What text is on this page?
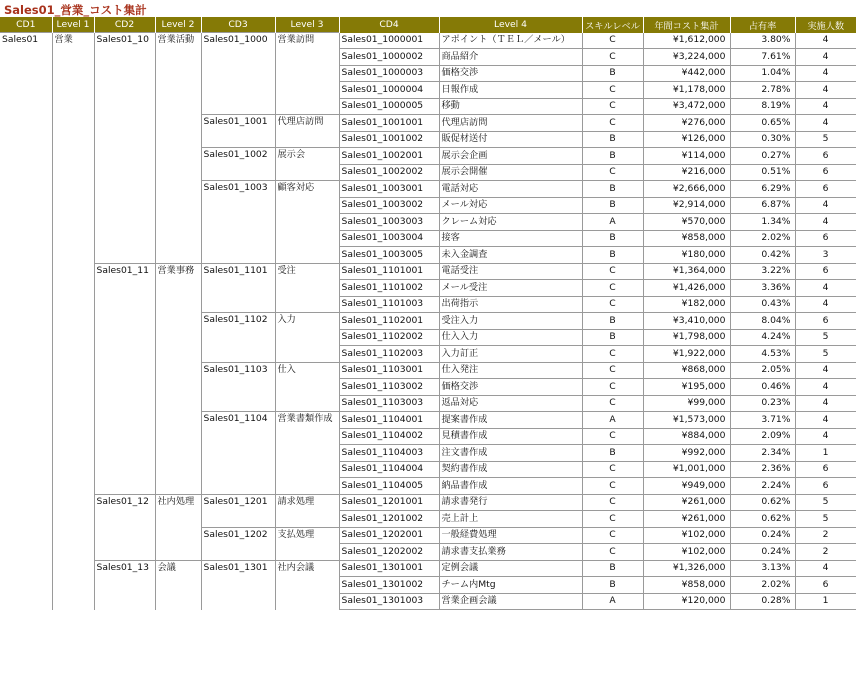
Sales01_営業_コスト集計
CD1	Level 1	CD2	Level 2	CD3	Level 3	CD4	Level 4	スキルレベル	年間コスト集計	占有率	実施人数
Sales01	営業	Sales01_10	営業活動	Sales01_1000	営業訪問	Sales01_1000001	アポイント（ＴＥＬ／メール）	C	¥1,612,000	3.80%	4
						Sales01_1000002	商品紹介	C	¥3,224,000	7.61%	4
						Sales01_1000003	価格交渉	B	¥442,000	1.04%	4
						Sales01_1000004	日報作成	C	¥1,178,000	2.78%	4
						Sales01_1000005	移動	C	¥3,472,000	8.19%	4
				Sales01_1001	代理店訪問	Sales01_1001001	代理店訪問	C	¥276,000	0.65%	4
						Sales01_1001002	販促材送付	B	¥126,000	0.30%	5
				Sales01_1002	展示会	Sales01_1002001	展示会企画	B	¥114,000	0.27%	6
						Sales01_1002002	展示会開催	C	¥216,000	0.51%	6
				Sales01_1003	顧客対応	Sales01_1003001	電話対応	B	¥2,666,000	6.29%	6
						Sales01_1003002	メール対応	B	¥2,914,000	6.87%	4
						Sales01_1003003	クレーム対応	A	¥570,000	1.34%	4
						Sales01_1003004	接客	B	¥858,000	2.02%	6
						Sales01_1003005	未入金調査	B	¥180,000	0.42%	3
		Sales01_11	営業事務	Sales01_1101	受注	Sales01_1101001	電話受注	C	¥1,364,000	3.22%	6
						Sales01_1101002	メール受注	C	¥1,426,000	3.36%	4
						Sales01_1101003	出荷指示	C	¥182,000	0.43%	4
				Sales01_1102	入力	Sales01_1102001	受注入力	B	¥3,410,000	8.04%	6
						Sales01_1102002	仕入入力	B	¥1,798,000	4.24%	5
						Sales01_1102003	入力訂正	C	¥1,922,000	4.53%	5
				Sales01_1103	仕入	Sales01_1103001	仕入発注	C	¥868,000	2.05%	4
						Sales01_1103002	価格交渉	C	¥195,000	0.46%	4
						Sales01_1103003	返品対応	C	¥99,000	0.23%	4
				Sales01_1104	営業書類作成	Sales01_1104001	提案書作成	A	¥1,573,000	3.71%	4
						Sales01_1104002	見積書作成	C	¥884,000	2.09%	4
						Sales01_1104003	注文書作成	B	¥992,000	2.34%	1
						Sales01_1104004	契約書作成	C	¥1,001,000	2.36%	6
						Sales01_1104005	納品書作成	C	¥949,000	2.24%	6
		Sales01_12	社内処理	Sales01_1201	請求処理	Sales01_1201001	請求書発行	C	¥261,000	0.62%	5
						Sales01_1201002	売上計上	C	¥261,000	0.62%	5
				Sales01_1202	支払処理	Sales01_1202001	一般経費処理	C	¥102,000	0.24%	2
						Sales01_1202002	請求書支払業務	C	¥102,000	0.24%	2
		Sales01_13	会議	Sales01_1301	社内会議	Sales01_1301001	定例会議	B	¥1,326,000	3.13%	4
						Sales01_1301002	チーム内Mtg	B	¥858,000	2.02%	6
						Sales01_1301003	営業企画会議	A	¥120,000	0.28%	1
